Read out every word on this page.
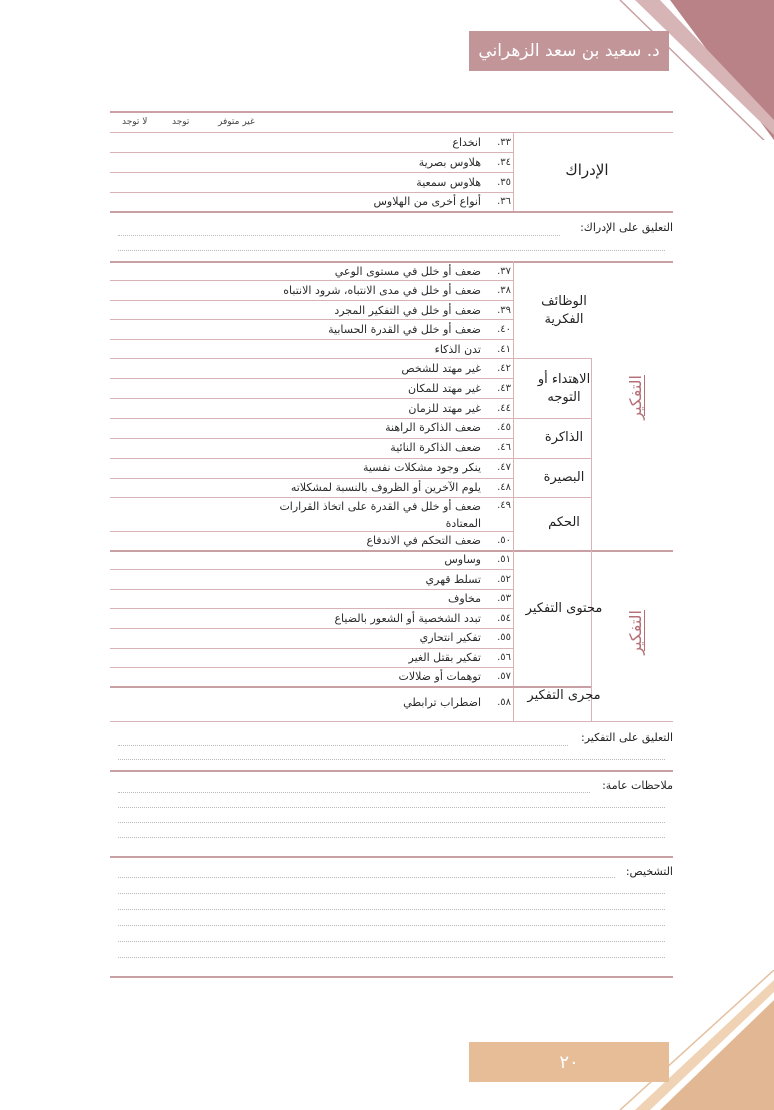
د. سعيد بن سعد الزهراني
غير متوفر
توجد
لا توجد
٣٣.
انخداع
٣٤.
هلاوس بصرية
٣٥.
هلاوس سمعية
٣٦.
أنواع أخرى من الهلاوس
الإدراك
التعليق على الإدراك:
٣٧.
ضعف أو خلل في مستوى الوعي
٣٨.
ضعف أو خلل في مدى الانتباه، شرود الانتباه
٣٩.
ضعف أو خلل في التفكير المجرد
٤٠.
ضعف أو خلل في القدرة الحسابية
٤١.
تدن الذكاء
الوظائف الفكرية
٤٢.
غير مهتد للشخص
٤٣.
غير مهتد للمكان
٤٤.
غير مهتد للزمان
الاهتداء أو التوجه
٤٥.
ضعف الذاكرة الراهنة
٤٦.
ضعف الذاكرة النائية
الذاكرة
٤٧.
ينكر وجود مشكلات نفسية
٤٨.
يلوم الآخرين أو الظروف بالنسبة لمشكلاته
البصيرة
٤٩.
ضعف أو خلل في القدرة على اتخاذ القرارات المعتادة
٥٠.
ضعف التحكم في الاندفاع
الحكم
التفكير
٥١.
وساوس
٥٢.
تسلط قهري
٥٣.
مخاوف
٥٤.
تبدد الشخصية أو الشعور بالضياع
٥٥.
تفكير انتحاري
٥٦.
تفكير بقتل الغير
٥٧.
توهمات أو ضلالات
محتوى التفكير
٥٨.
اضطراب ترابطي	مجرى التفكير
التفكير
التعليق على التفكير:
ملاحظات عامة:
التشخيص:
٢٠
